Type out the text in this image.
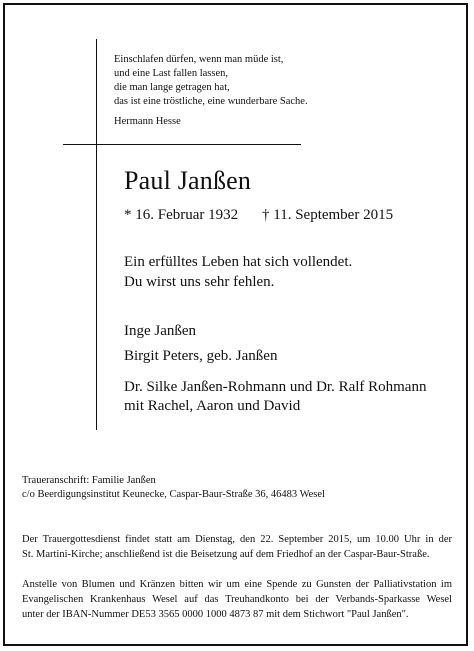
Einschlafen dürfen, wenn man müde ist,
und eine Last fallen lassen,
die man lange getragen hat,
das ist eine tröstliche, eine wunderbare Sache.
Hermann Hesse
Paul Janßen
* 16. Februar 1932 † 11. September 2015
Ein erfülltes Leben hat sich vollendet.
Du wirst uns sehr fehlen.
Inge Janßen
Birgit Peters, geb. Janßen
Dr. Silke Janßen-Rohmann und Dr. Ralf Rohmann
mit Rachel, Aaron und David
Traueranschrift: Familie Janßen
c/o Beerdigungsinstitut Keunecke, Caspar-Baur-Straße 36, 46483 Wesel
Der Trauergottesdienst findet statt am Dienstag, den 22. September 2015, um 10.00 Uhr in der
St. Martini-Kirche; anschließend ist die Beisetzung auf dem Friedhof an der Caspar-Baur-Straße.
Anstelle von Blumen und Kränzen bitten wir um eine Spende zu Gunsten der Palliativstation im
Evangelischen Krankenhaus Wesel auf das Treuhandkonto bei der Verbands-Sparkasse Wesel
unter der IBAN-Nummer DE53 3565 0000 1000 4873 87 mit dem Stichwort "Paul Janßen".
